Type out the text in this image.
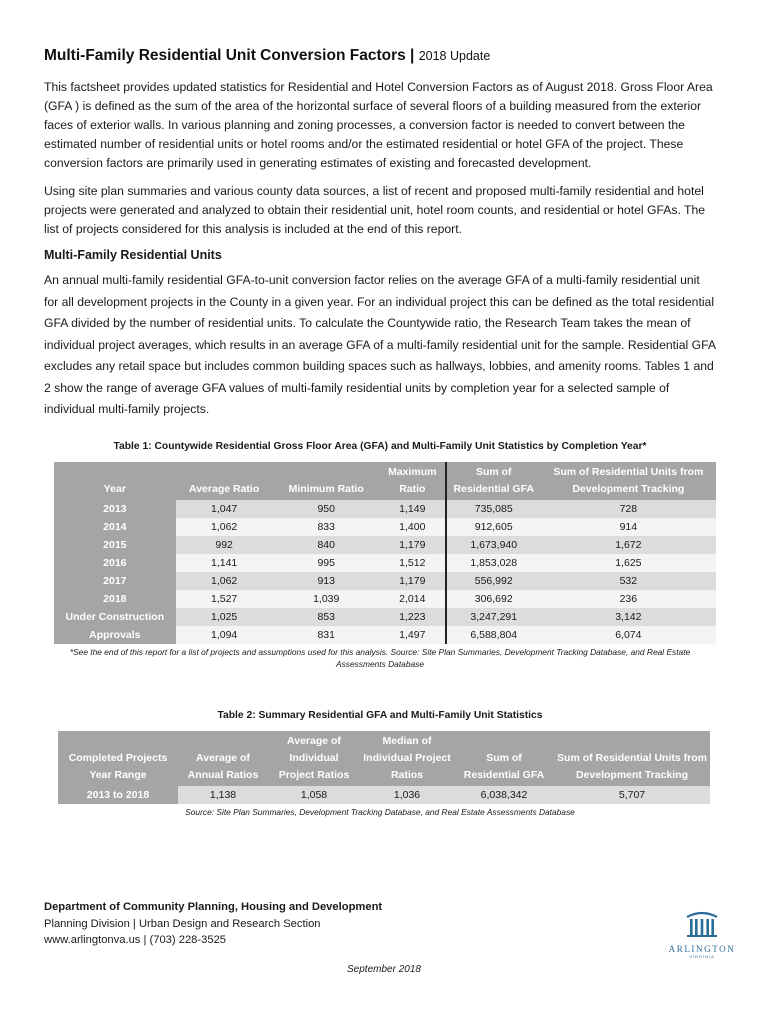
Multi-Family Residential Unit Conversion Factors | 2018 Update

This factsheet provides updated statistics for Residential and Hotel Conversion Factors as of August 2018. Gross Floor Area (GFA ) is defined as the sum of the area of the horizontal surface of several floors of a building measured from the exterior faces of exterior walls. In various planning and zoning processes, a conversion factor is needed to convert between the estimated number of residential units or hotel rooms and/or the estimated residential or hotel GFA of the project. These conversion factors are primarily used in generating estimates of existing and forecasted development.

Using site plan summaries and various county data sources, a list of recent and proposed multi-family residential and hotel projects were generated and analyzed to obtain their residential unit, hotel room counts, and residential or hotel GFAs. The list of projects considered for this analysis is included at the end of this report.

Multi-Family Residential Units

An annual multi-family residential GFA-to-unit conversion factor relies on the average GFA of a multi-family residential unit for all development projects in the County in a given year. For an individual project this can be defined as the total residential GFA divided by the number of residential units. To calculate the Countywide ratio, the Research Team takes the mean of individual project averages, which results in an average GFA of a multi-family residential unit for the sample. Residential GFA excludes any retail space but includes common building spaces such as hallways, lobbies, and amenity rooms. Tables 1 and 2 show the range of average GFA values of multi-family residential units by completion year for a selected sample of individual multi-family projects.

Table 1: Countywide Residential Gross Floor Area (GFA) and Multi-Family Unit Statistics by Completion Year*
Year	Average Ratio	Minimum Ratio	Maximum Ratio	Sum of Residential GFA	Sum of Residential Units from Development Tracking
2013	1,047	950	1,149	735,085	728
2014	1,062	833	1,400	912,605	914
2015	992	840	1,179	1,673,940	1,672
2016	1,141	995	1,512	1,853,028	1,625
2017	1,062	913	1,179	556,992	532
2018	1,527	1,039	2,014	306,692	236
Under Construction	1,025	853	1,223	3,247,291	3,142
Approvals	1,094	831	1,497	6,588,804	6,074
*See the end of this report for a list of projects and assumptions used for this analysis. Source: Site Plan Summaries, Development Tracking Database, and Real Estate Assessments Database
Table 2: Summary Residential GFA and Multi-Family Unit Statistics
Completed Projects Year Range	Average of Annual Ratios	Average of Individual Project Ratios	Median of Individual Project Ratios	Sum of Residential GFA	Sum of Residential Units from Development Tracking
2013 to 2018	1,138	1,058	1,036	6,038,342	5,707
Source: Site Plan Summaries, Development Tracking Database, and Real Estate Assessments Database
Department of Community Planning, Housing and Development
Planning Division | Urban Design and Research Section
www.arlingtonva.us | (703) 228-3525
ARLINGTON
VIRGINIA
September 2018
